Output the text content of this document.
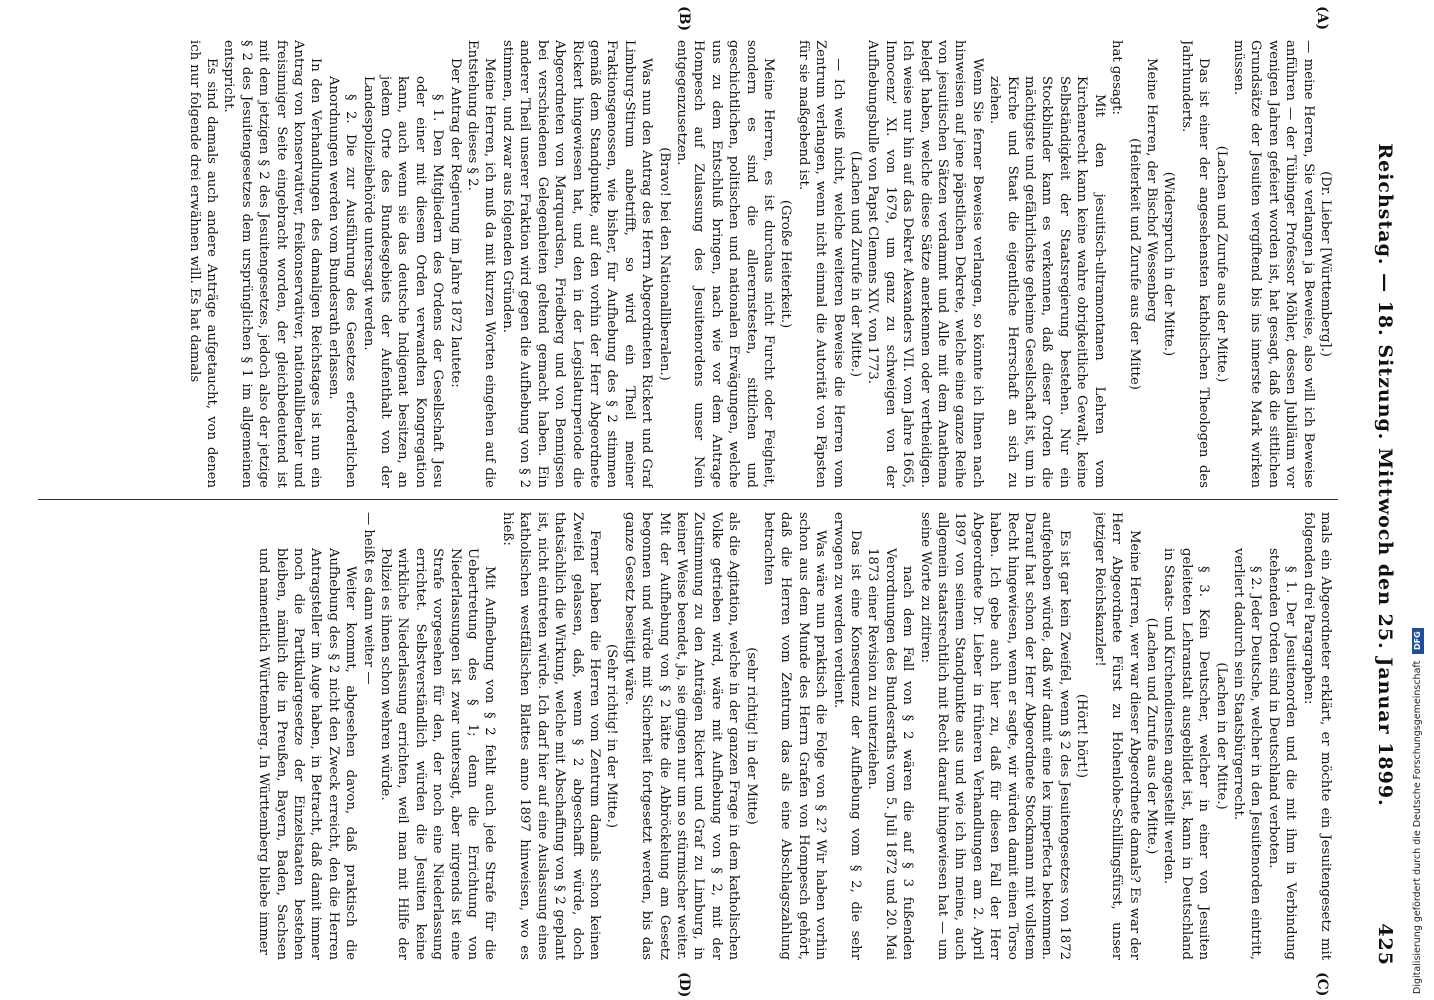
Reichstag. — 18. Sitzung. Mittwoch den 25. Januar 1899.
425
(A)
(B)
(C)
(D)

(Dr. Lieber [Württemberg].)

— meine Herren, Sie verlangen ja Beweise, also will ich Beweise anführen — der Tübinger Professor Möhler, dessen Jubiläum vor wenigen Jahren gefeiert worden ist, hat gesagt, daß die sittlichen Grundsätze der Jesuiten vergiftend bis ins innerste Mark wirken müssen.

(Lachen und Zurufe aus der Mitte.)

Das ist einer der angesehensten katholischen Theologen des Jahrhunderts.

(Widerspruch in der Mitte.)

Meine Herren, der Bischof Wessenberg

(Heiterkeit und Zurufe aus der Mitte)

hat gesagt:

Mit den jesuitisch-ultramontanen Lehren vom Kirchenrecht kann keine wahre obrigkeitliche Gewalt, keine Selbständigkeit der Staatsregierung bestehen. Nur ein Stockblinder kann es verkennen, daß dieser Orden die mächtigste und gefährlichste geheime Gesellschaft ist, um in Kirche und Staat die eigentliche Herrschaft an sich zu ziehen.

Wenn Sie ferner Beweise verlangen, so könnte ich Ihnen nach hinweisen auf jene päpstlichen Dekrete, welche eine ganze Reihe von jesuitischen Sätzen verdammt und Alle mit dem Anathema belegt haben, welche diese Sätze anerkennen oder vertheidigen. Ich weise nur hin auf das Dekret Alexanders VII. vom Jahre 1665, Innocenz' XI. von 1679, um ganz zu schweigen von der Aufhebungsbulle von Papst Clemens XIV. von 1773.

(Lachen und Zurufe in der Mitte.)

— Ich weiß nicht, welche weiteren Beweise die Herren vom Zentrum verlangen, wenn nicht einmal die Autorität von Päpsten für sie maßgebend ist.

(Große Heiterkeit.)

Meine Herren, es ist durchaus nicht Furcht oder Feigheit, sondern es sind die allerernstesten, sittlichen und geschichtlichen, politischen und nationalen Erwägungen, welche uns zu dem Entschluß bringen, nach wie vor dem Antrage Hompesch auf Zulassung des Jesuitenordens unser Nein entgegenzusetzen.

(Bravo! bei den Nationalliberalen.)

Was nun den Antrag des Herrn Abgeordneten Rickert und Graf Limburg-Stirum anbetrifft, so wird ein Theil meiner Fraktionsgenossen, wie bisher, für Aufhebung des § 2 stimmen gemäß dem Standpunkte, auf den vorhin der Herr Abgeordnete Rickert hingewiesen hat, und den in der Legislaturperiode die Abgeordneten von Marquardsen, Friedberg und von Bennigsen bei verschiedenen Gelegenheiten geltend gemacht haben. Ein anderer Theil unserer Fraktion wird gegen die Aufhebung von § 2 stimmen, und zwar aus folgenden Gründen.

Meine Herren, ich muß da mit kurzen Worten eingehen auf die Entstehung dieses § 2.

Der Antrag der Regierung im Jahre 1872 lautete:

§ 1. Den Mitgliedern des Ordens der Gesellschaft Jesu oder einer mit diesem Orden verwandten Kongregation kann, auch wenn sie das deutsche Indigenat besitzen, an jedem Orte des Bundesgebiets der Aufenthalt von der Landespolizeibehörde untersagt werden.

§ 2. Die zur Ausführung des Gesetzes erforderlichen Anordnungen werden vom Bundesrath erlassen.

In den Verhandlungen des damaligen Reichstages ist nun ein Antrag von konservativer, freikonservativer, nationalliberaler und freisinniger Seite eingebracht worden, der gleichbedeutend ist mit dem jetzigen § 2 des Jesuitengesetzes, jedoch also der jetzige § 2 des Jesuitengesetzes dem ursprünglichen § 1 im allgemeinen entspricht.

Es sind damals auch andere Anträge aufgetaucht, von denen ich nur folgende drei erwähnen will. Es hat damals

mals ein Abgeordneter erklärt, er möchte ein Jesuitengesetz mit folgenden drei Paragraphen:

§ 1. Der Jesuitenorden und die mit ihm in Verbindung stehenden Orden sind in Deutschland verboten.

§ 2. Jeder Deutsche, welcher in den Jesuitenorden eintritt, verliert dadurch sein Staatsbürgerrecht.

(Lachen in der Mitte.)

§ 3. Kein Deutscher, welcher in einer von Jesuiten geleiteten Lehranstalt ausgebildet ist, kann in Deutschland in Staats- und Kirchendiensten angestellt werden.

(Lachen und Zurufe aus der Mitte.)

Meine Herren, wer war dieser Abgeordnete damals? Es war der Herr Abgeordnete Fürst zu Hohenlohe-Schillingsfürst, unser jetziger Reichskanzler!

(Hört! hört!)

Es ist gar kein Zweifel, wenn § 2 des Jesuitengesetzes von 1872 aufgehoben würde, daß wir damit eine lex imperfecta bekommen. Darauf hat schon der Herr Abgeordnete Stockmann mit vollstem Recht hingewiesen, wenn er sagte, wir würden damit einen Torso haben. Ich gebe auch hier zu, daß für diesen Fall der Herr Abgeordnete Dr. Lieber in früheren Verhandlungen am 2. April 1897 von seinem Standpunkte aus und wie ich ihn meine, auch allgemein staatsrechtlich mit Recht darauf hingewiesen hat — um seine Worte zu zitiren:

nach dem Fall von § 2 wären die auf § 3 fußenden Verordnungen des Bundesraths vom 5. Juli 1872 und 20. Mai 1873 einer Revision zu unterziehen.

Das ist eine Konsequenz der Aufhebung vom § 2, die sehr erwogen zu werden verdient.

Was wäre nun praktisch die Folge von § 2? Wir haben vorhin schon aus dem Munde des Herrn Grafen von Hompesch gehört, daß die Herren vom Zentrum das als eine Abschlagszahlung betrachten

(sehr richtig! in der Mitte)

als die Agitation, welche in der ganzen Frage in dem katholischen Volke getrieben wird, wäre mit Aufhebung von § 2, mit der Zustimmung zu den Anträgen Rickert und Graf zu Limburg, in keiner Weise beendet, ja, sie gingen nur um so stürmischer weiter. Mit der Aufhebung von § 2 hätte die Abbröckelung am Gesetz begonnen und würde mit Sicherheit fortgesetzt werden, bis das ganze Gesetz beseitigt wäre.

(Sehr richtig! in der Mitte.)

Ferner haben die Herren vom Zentrum damals schon keinen Zweifel gelassen, daß, wenn § 2 abgeschafft würde, doch thatsächlich die Wirkung, welche mit Abschaffung von § 2 geplant ist, nicht eintreten würde. Ich darf hier auf eine Auslassung eines katholischen westfälischen Blattes anno 1897 hinweisen, wo es hieß:

Mit Aufhebung von § 2 fehlt auch jede Strafe für die Uebertretung des § 1; denn die Errichtung von Niederlassungen ist zwar untersagt, aber nirgends ist eine Strafe vorgesehen für den, der noch eine Niederlassung errichtet. Selbstverständlich würden die Jesuiten keine wirkliche Niederlassung errichten, weil man mit Hilfe der Polizei es ihnen schon wehren würde.

— heißt es dann weiter —

Weiter kommt, abgesehen davon, daß praktisch die Aufhebung des § 2 nicht den Zweck erreicht, den die Herren Antragsteller im Auge haben, in Betracht, daß damit immer noch die Partikulargesetze der Einzelstaaten bestehen bleiben, nämlich die in Preußen, Bayern, Baden, Sachsen und namentlich Württemberg. In Württemberg bliebe immer	Digitalisierung gefördert durch die Deutsche Forschungsgemeinschaft DFG
